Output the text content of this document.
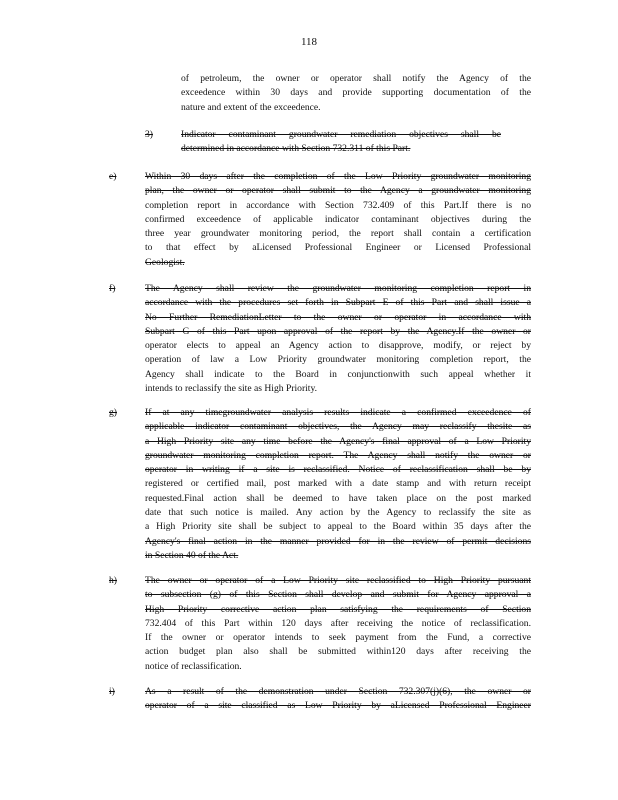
118
of petroleum, the owner or operator shall notify the Agency of the
exceedence within 30 days and provide supporting documentation of the
nature and extent of the exceedence.
3)	Indicator contaminant groundwater remediation objectives shall be
determined in accordance with Section 732.311 of this Part.
e)	Within 30 days after the completion of the Low Priority groundwater monitoring
plan, the owner or operator shall submit to the Agency a groundwater monitoring
completion report in accordance with Section 732.409 of this Part.If there is no
confirmed exceedence of applicable indicator contaminant objectives during the
three year groundwater monitoring period, the report shall contain a certification
to that effect by aLicensed Professional Engineer or Licensed Professional
Geologist.
f)	The Agency shall review the groundwater monitoring completion report in
accordance with the procedures set forth in Subpart E of this Part and shall issue a
No Further RemediationLetter to the owner or operator in accordance with
Subpart G of this Part upon approval of the report by the Agency.If the owner or
operator elects to appeal an Agency action to disapprove, modify, or reject by
operation of law a Low Priority groundwater monitoring completion report, the
Agency shall indicate to the Board in conjunctionwith such appeal whether it
intends to reclassify the site as High Priority.
g)	If at any timegroundwater analysis results indicate a confirmed exceedence of
applicable indicator contaminant objectives, the Agency may reclassify thesite as
a High Priority site any time before the Agency's final approval of a Low Priority
groundwater monitoring completion report. The Agency shall notify the owner or
operator in writing if a site is reclassified. Notice of reclassification shall be by
registered or certified mail, post marked with a date stamp and with return receipt
requested.Final action shall be deemed to have taken place on the post marked
date that such notice is mailed. Any action by the Agency to reclassify the site as
a High Priority site shall be subject to appeal to the Board within 35 days after the
Agency's final action in the manner provided for in the review of permit decisions
in Section 40 of the Act.
h)	The owner or operator of a Low Priority site reclassified to High Priority pursuant
to subsection (g) of this Section shall develop and submit for Agency approval a
High Priority corrective action plan satisfying the requirements of Section
732.404 of this Part within 120 days after receiving the notice of reclassification.
If the owner or operator intends to seek payment from the Fund, a corrective
action budget plan also shall be submitted within120 days after receiving the
notice of reclassification.
i)	As a result of the demonstration under Section 732.307(j)(6), the owner or
operator of a site classified as Low Priority by aLicensed Professional Engineer
